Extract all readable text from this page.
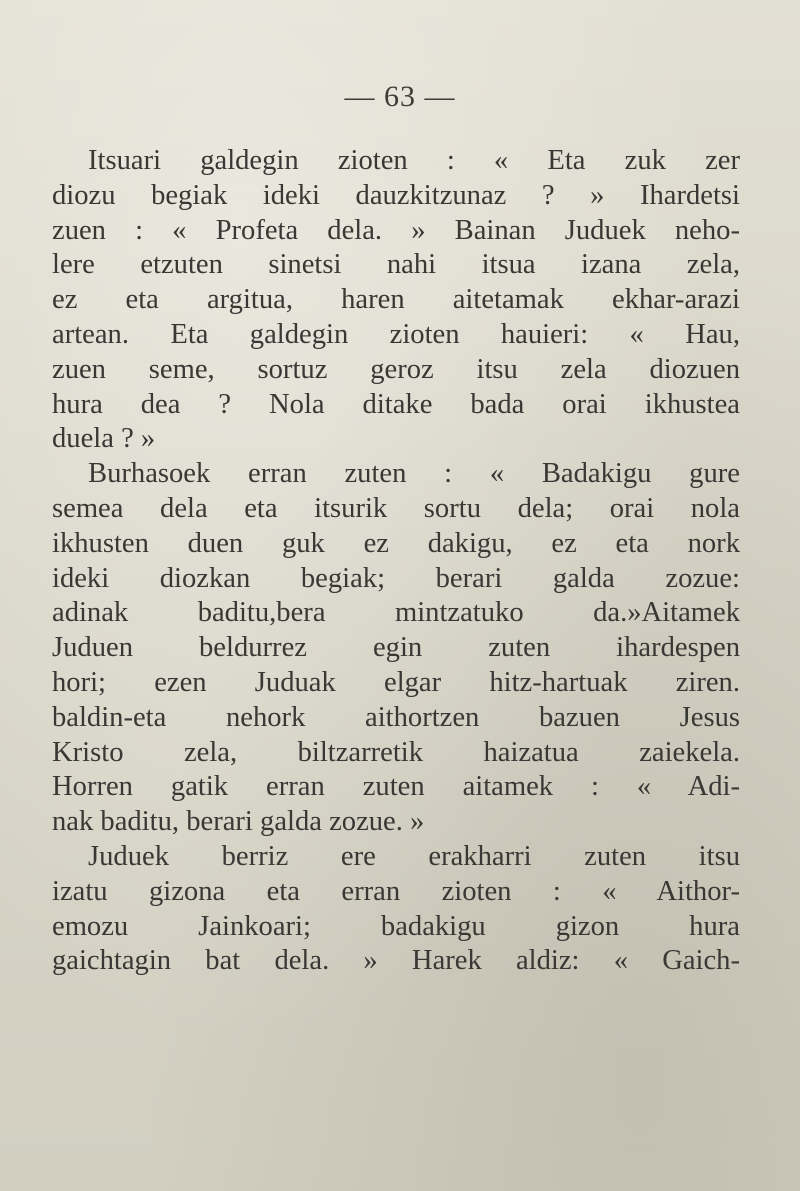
— 63 —
Itsuari galdegin zioten : « Eta zuk zer
diozu begiak ideki dauzkitzunaz ? » Ihardetsi
zuen : « Profeta dela. » Bainan Juduek neho-
lere etzuten sinetsi nahi itsua izana zela,
ez eta argitua, haren aitetamak ekhar-arazi
artean. Eta galdegin zioten hauieri: « Hau,
zuen seme, sortuz geroz itsu zela diozuen
hura dea ? Nola ditake bada orai ikhustea
duela ? »
Burhasoek erran zuten : « Badakigu gure
semea dela eta itsurik sortu dela; orai nola
ikhusten duen guk ez dakigu, ez eta nork
ideki diozkan begiak; berari galda zozue:
adinak baditu,bera mintzatuko da.»Aitamek
Juduen beldurrez egin zuten ihardespen
hori; ezen Juduak elgar hitz-hartuak ziren.
baldin-eta nehork aithortzen bazuen Jesus
Kristo zela, biltzarretik haizatua zaiekela.
Horren gatik erran zuten aitamek : « Adi-
nak baditu, berari galda zozue. »
Juduek berriz ere erakharri zuten itsu
izatu gizona eta erran zioten : « Aithor-
emozu Jainkoari; badakigu gizon hura
gaichtagin bat dela. » Harek aldiz: « Gaich-
